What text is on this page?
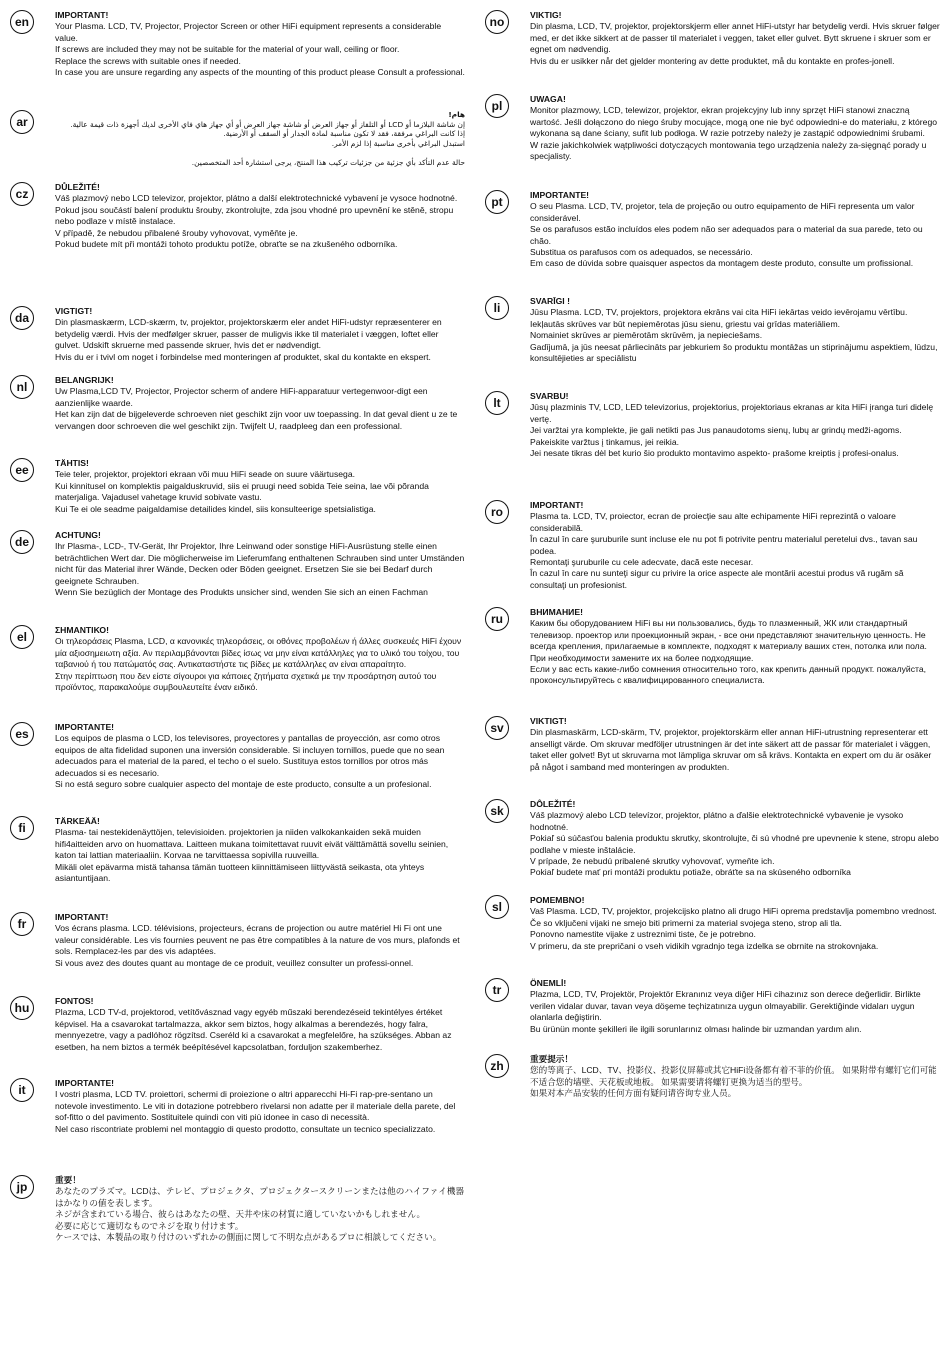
en	IMPORTANT!
Your Plasma. LCD, TV, Projector, Projector Screen or other HiFi equipment represents a considerable value.
If screws are included they may not be suitable for the material of your wall, ceiling or floor.
Replace the screws with suitable ones if needed.
In case you are unsure regarding any aspects of the mounting of this product please Consult a professional.
ar
هام!
إن شاشة البلازما أو LCD أو التلفاز أو جهاز العرض أو شاشة جهاز العرض أو أي جهاز هاي فاي الأخرى لديك أجهزة ذات قيمة عالية.
إذا كانت البراغي مرفقة، فقد لا تكون مناسبة لمادة الجدار أو السقف أو الأرضية.
استبدل البراغي بأخرى مناسبة إذا لزم الأمر.

حالة عدم التأكد بأي جزئية من جزئيات تركيب هذا المنتج، يرجى استشارة أحد المتخصصين.
cz	DŮLEŽITÉ!
Váš plazmový nebo LCD televizor, projektor, plátno a další elektrotechnické vybavení je vysoce hodnotné.
Pokud jsou součástí balení produktu šrouby, zkontrolujte, zda jsou vhodné pro upevnění ke stěně, stropu nebo podlaze v místě instalace.
V případě, že nebudou přibalené šrouby vyhovovat, vyměňte je.
Pokud budete mít při montáži tohoto produktu potíže, obraťte se na zkušeného odborníka.
da	VIGTIGT!
Din plasmaskærm, LCD-skærm, tv, projektor, projektorskærm eler andet HiFi-udstyr repræsenterer en betydelig værdi. Hvis der medfølger skruer, passer de muligvis ikke til materialet i væggen, loftet eller gulvet. Udskift skruerne med passende skruer, hvis det er nødvendigt.
Hvis du er i tvivl om noget i forbindelse med monteringen af produktet, skal du kontakte en ekspert.
nl	BELANGRIJK!
Uw Plasma,LCD TV, Projector, Projector scherm of andere HiFi-apparatuur vertegenwoor-digt een aanzienlijke waarde.
Het kan zijn dat de bijgeleverde schroeven niet geschikt zijn voor uw toepassing. In dat geval dient u ze te vervangen door schroeven die wel geschikt zijn. Twijfelt U, raadpleeg dan een professional.
ee	TÄHTIS!
Teie teler, projektor, projektori ekraan või muu HiFi seade on suure väärtusega.
Kui kinnitusel on komplektis paigalduskruvid, siis ei pruugi need sobida Teie seina, lae või põranda materjaliga. Vajadusel vahetage kruvid sobivate vastu.
Kui Te ei ole seadme paigaldamise detailides kindel, siis konsulteerige spetsialistiga.
de	ACHTUNG!
Ihr Plasma-, LCD-, TV-Gerät, Ihr Projektor, Ihre Leinwand oder sonstige HiFi-Ausrüstung stelle einen beträchtlichen Wert dar. Die möglicherweise im Lieferumfang enthaltenen Schrauben sind unter Umständen nicht für das Material ihrer Wände, Decken oder Böden geeignet. Ersetzen Sie sie bei Bedarf durch geeignete Schrauben.
Wenn Sie bezüglich der Montage des Produkts unsicher sind, wenden Sie sich an einen Fachman
el	ΣΗΜΑΝΤΙΚΟ!
Οι τηλεοράσεις Plasma, LCD, α κανονικές τηλεοράσεις, οι οθόνες προβολέων ή άλλες συσκευές HiFi έχουν μία αξιοσημειωτη αξία. Αν περιλαμβάνονται βίδες ίσως να μην είναι κατάλληλες για το υλικό του τοίχου, του ταβανιού ή του πατώματός σας. Αντικαταστήστε τις βίδες με κατάλληλες αν είναι απαραίτητο.
Στην περίπτωση που δεν είστε σίγουροι για κάποιες ζητήματα σχετικά με την προσάρτηση αυτού του προϊόντος, παρακαλούμε συμβουλευτείτε έναν ειδικό.
es	IMPORTANTE!
Los equipos de plasma o LCD, los televisores, proyectores y pantallas de proyección, asr como otros equipos de alta fidelidad suponen una inversión considerable. Si incluyen tornillos, puede que no sean adecuados para el material de la pared, el techo o el suelo. Sustituya estos tornillos por otros más adecuados si es necesario.
Si no está seguro sobre cualquier aspecto del montaje de este producto, consulte a un profesional.
fi	TÄRKEÄÄ!
Plasma- tai nestekidenäyttöjen, televisioiden. projektorien ja niiden valkokankaiden sekä muiden hifi4aitteiden arvo on huomattava. Laitteen mukana toimitettavat ruuvit eivät välttämättä sovellu seinien, katon tai lattian materiaaliin. Korvaa ne tarvittaessa sopivilla ruuveilla.
Mikäli olet epävarma mistä tahansa tämän tuotteen kiinnittämiseen liittyvästä seikasta, ota yhteys asiantuntijaan.
fr	IMPORTANT!
Vos écrans plasma. LCD. télévisions, projecteurs, écrans de projection ou autre matériel Hi Fi ont une valeur considérable. Les vis fournies peuvent ne pas être compatibles à la nature de vos murs, plafonds et sols. Remplacez-les par des vis adaptées.
Si vous avez des doutes quant au montage de ce produit, veuillez consulter un professi-onnel.
hu	FONTOS!
Plazma, LCD TV-d, projektorod, vetítővásznad vagy egyéb műszaki berendezéseid tekintélyes értéket képvisel. Ha a csavarokat tartalmazza, akkor sem biztos, hogy alkalmas a berendezés, hogy falra, mennyezetre, vagy a padlóhoz rögzítsd. Cseréld ki a csavarokat a megfelelőre, ha szükséges. Abban az esetben, ha nem biztos a termék beépítésével kapcsolatban, forduljon szakemberhez.
it	IMPORTANTE!
I vostri plasma, LCD TV. proiettori, schermi di proiezione o altri apparecchi Hi-Fi rap-pre-sentano un notevole investimento. Le viti in dotazione potrebbero rivelarsi non adatte per il materiale della parete, del sof-fitto o del pavimento. Sostituitele quindi con viti più idonee in caso di necessità.
Nel caso riscontriate problemi nel montaggio di questo prodotto, consultate un tecnico specializzato.
jp	重要！
あなたのプラズマ。LCDは、テレビ、プロジェクタ、プロジェクタースクリーンまたは他のハイファイ機器はかなりの値を表します。
ネジが含まれている場合、彼らはあなたの壁、天井や床の材質に適していないかもしれません。
必要に応じて適切なものでネジを取り付けます。
ケースでは、本製品の取り付けのいずれかの側面に関して不明な点があるプロに相談してください。
no	VIKTIG!
Din plasma, LCD, TV, projektor, projektorskjerm eller annet HiFi-utstyr har betydelig verdi. Hvis skruer følger med, er det ikke sikkert at de passer til materialet i veggen, taket eller gulvet. Bytt skruene i skruer som er egnet om nødvendig.
Hvis du er usikker når det gjelder montering av dette produktet, må du kontakte en profes-jonell.
pl	UWAGA!
Monitor plazmowy, LCD, telewizor, projektor, ekran projekcyjny lub inny sprzęt HiFi stanowi znaczną wartość. Jeśli dołączono do niego śruby mocujące, mogą one nie być odpowiedni-e do materiału, z którego wykonana są dane ściany, sufit lub podłoga. W razie potrzeby należy je zastąpić odpowiednimi śrubami.
W razie jakichkolwiek wątpliwości dotyczących montowania tego urządzenia należy za-sięgnąć porady u specjalisty.
pt	IMPORTANTE!
O seu Plasma. LCD, TV, projetor, tela de projeção ou outro equipamento de HiFi representa um valor considerável.
Se os parafusos estão incluídos eles podem não ser adequados para o material da sua parede, teto ou chão.
Substitua os parafusos com os adequados, se necessário.
Em caso de dúvida sobre quaisquer aspectos da montagem deste produto, consulte um profissional.
li	SVARĪGI !
Jūsu Plasma. LCD, TV, projektors, projektora ekrāns vai cita HiFi iekārtas veido ievērojamu vērtību.
Iekļautās skrūves var būt nepiemērotas jūsu sienu, griestu vai grīdas materiāliem.
Nomainiet skrūves ar piemērotām skrūvēm, ja nepieciešams.
Gadījumā, ja jūs neesat pārliecināts par jebkuriem šo produktu montāžas un stiprinājumu aspektiem, lūdzu, konsultējieties ar speciālistu
lt	SVARBU!
Jūsų plazminis TV, LCD, LED televizorius, projektorius, projektoriaus ekranas ar kita HiFi įranga turi didelę vertę.
Jei varžtai yra komplekte, jie gali netikti pas Jus panaudotoms sienų, lubų ar grindų medži-agoms.
Pakeiskite varžtus į tinkamus, jei reikia.
Jei nesate tikras dėl bet kurio šio produkto montavimo aspekto- prašome kreiptis į profesi-onalus.
ro	IMPORTANT!
Plasma ta. LCD, TV, proiector, ecran de proiecţie sau alte echipamente HiFi reprezintă o valoare considerabilă.
În cazul în care şuruburile sunt incluse ele nu pot fi potrivite pentru materialul peretelui dvs., tavan sau podea.
Remontaţi şuruburile cu cele adecvate, dacă este necesar.
În cazul în care nu sunteţi sigur cu privire la orice aspecte ale montării acestui produs vă rugăm să consultaţi un profesionist.
ru	ВНИМАНИЕ!
Каким бы оборудованием HiFi вы ни пользовались, будь то плазменный, ЖК или стандартный телевизор. проектор или проекционный экран, - все они представляют значительную ценность. Не всегда крепления, прилагаемые в комплекте, подходят к материалу ваших стен, потолка или пола. При необходимости замените их на более подходящие.
Если у вас есть какие-либо сомнения относительно того, как крепить данный продукт. пожалуйста, проконсультируйтесь с квалифицированного специалиста.
sv	VIKTIGT!
Din plasmaskärm, LCD-skärm, TV, projektor, projektorskärm eller annan HiFi-utrustning representerar ett anselligt värde. Om skruvar medföljer utrustningen är det inte säkert att de passar för materialet i väggen, taket eller golvet! Byt ut skruvarna mot lämpliga skruvar om så krävs. Kontakta en expert om du är osäker på något i samband med monteringen av produkten.
sk	DÔLEŽITÉ!
Váš plazmový alebo LCD televízor, projektor, plátno a ďalšie elektrotechnické vybavenie je vysoko hodnotné.
Pokiaľ sú súčasťou balenia produktu skrutky, skontrolujte, či sú vhodné pre upevnenie k stene, stropu alebo podlahe v mieste inštalácie.
V prípade, že nebudú pribalené skrutky vyhovovať, vymeňte ich.
Pokiaľ budete mať pri montáži produktu potiaže, obráťte sa na skúseného odborníka
sl	POMEMBNO!
Vaš Plasma. LCD, TV, projektor, projekcijsko platno ali drugo HiFi oprema predstavlja pomembno vrednost.
Če so vključeni vijaki ne smejo biti primerni za material svojega steno, strop ali tla.
Ponovno namestite vijake z ustreznimi tiste, če je potrebno.
V primeru, da ste prepričani o vseh vidikih vgradnjo tega izdelka se obrnite na strokovnjaka.
tr	ÖNEMLİ!
Plazma, LCD, TV, Projektör, Projektör Ekranınız veya diğer HiFi cihazınız son derece değerlidir. Birlikte verilen vidalar duvar, tavan veya döşeme teçhizatınıza uygun olmayabilir. Gerektiğinde vidaları uygun olanlarla değiştirin.
Bu ürünün monte şekilleri ile ilgili sorunlarınız olması halinde bir uzmandan yardım alın.
zh	重要提示！
您的等离子、LCD、TV、投影仪、投影仪屏幕或其它HiFi设备都有着不菲的价值。 如果附带有螺钉它们可能不适合您的墙壁、天花板或地板。 如果需要请将螺钉更换为适当的型号。
如果对本产品安装的任何方面有疑问请咨询专业人员。
